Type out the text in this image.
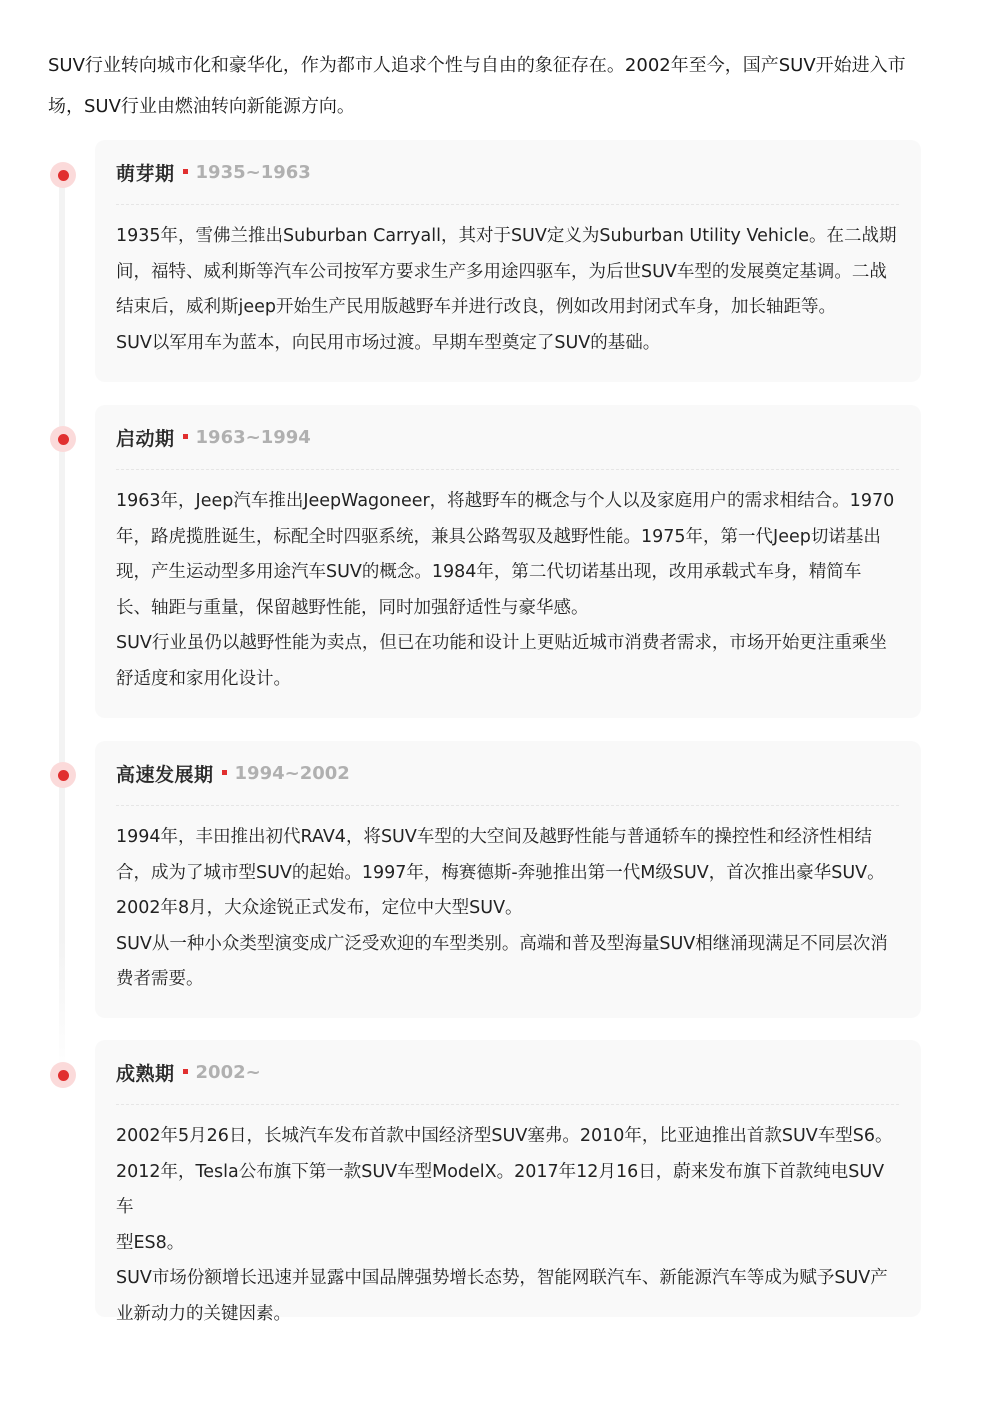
SUV行业转向城市化和豪华化，作为都市人追求个性与自由的象征存在。2002年至今，国产SUV开始进入市
场，SUV行业由燃油转向新能源方向。

萌芽期 1935~1963

1935年，雪佛兰推出Suburban Carryall，其对于SUV定义为Suburban Utility Vehicle。在二战期

间，福特、威利斯等汽车公司按军方要求生产多用途四驱车，为后世SUV车型的发展奠定基调。二战

结束后，威利斯jeep开始生产民用版越野车并进行改良，例如改用封闭式车身，加长轴距等。

SUV以军用车为蓝本，向民用市场过渡。早期车型奠定了SUV的基础。

启动期 1963~1994

1963年，Jeep汽车推出JeepWagoneer，将越野车的概念与个人以及家庭用户的需求相结合。1970

年，路虎揽胜诞生，标配全时四驱系统，兼具公路驾驭及越野性能。1975年，第一代Jeep切诺基出

现，产生运动型多用途汽车SUV的概念。1984年，第二代切诺基出现，改用承载式车身，精简车

长、轴距与重量，保留越野性能，同时加强舒适性与豪华感。

SUV行业虽仍以越野性能为卖点，但已在功能和设计上更贴近城市消费者需求，市场开始更注重乘坐

舒适度和家用化设计。

高速发展期 1994~2002

1994年，丰田推出初代RAV4，将SUV车型的大空间及越野性能与普通轿车的操控性和经济性相结

合，成为了城市型SUV的起始。1997年，梅赛德斯-奔驰推出第一代M级SUV，首次推出豪华SUV。

2002年8月，大众途锐正式发布，定位中大型SUV。

SUV从一种小众类型演变成广泛受欢迎的车型类别。高端和普及型海量SUV相继涌现满足不同层次消

费者需要。

成熟期 2002~

2002年5月26日，长城汽车发布首款中国经济型SUV塞弗。2010年，比亚迪推出首款SUV车型S6。

2012年，Tesla公布旗下第一款SUV车型ModelX。2017年12月16日，蔚来发布旗下首款纯电SUV车

型ES8。

SUV市场份额增长迅速并显露中国品牌强势增长态势，智能网联汽车、新能源汽车等成为赋予SUV产

业新动力的关键因素。
